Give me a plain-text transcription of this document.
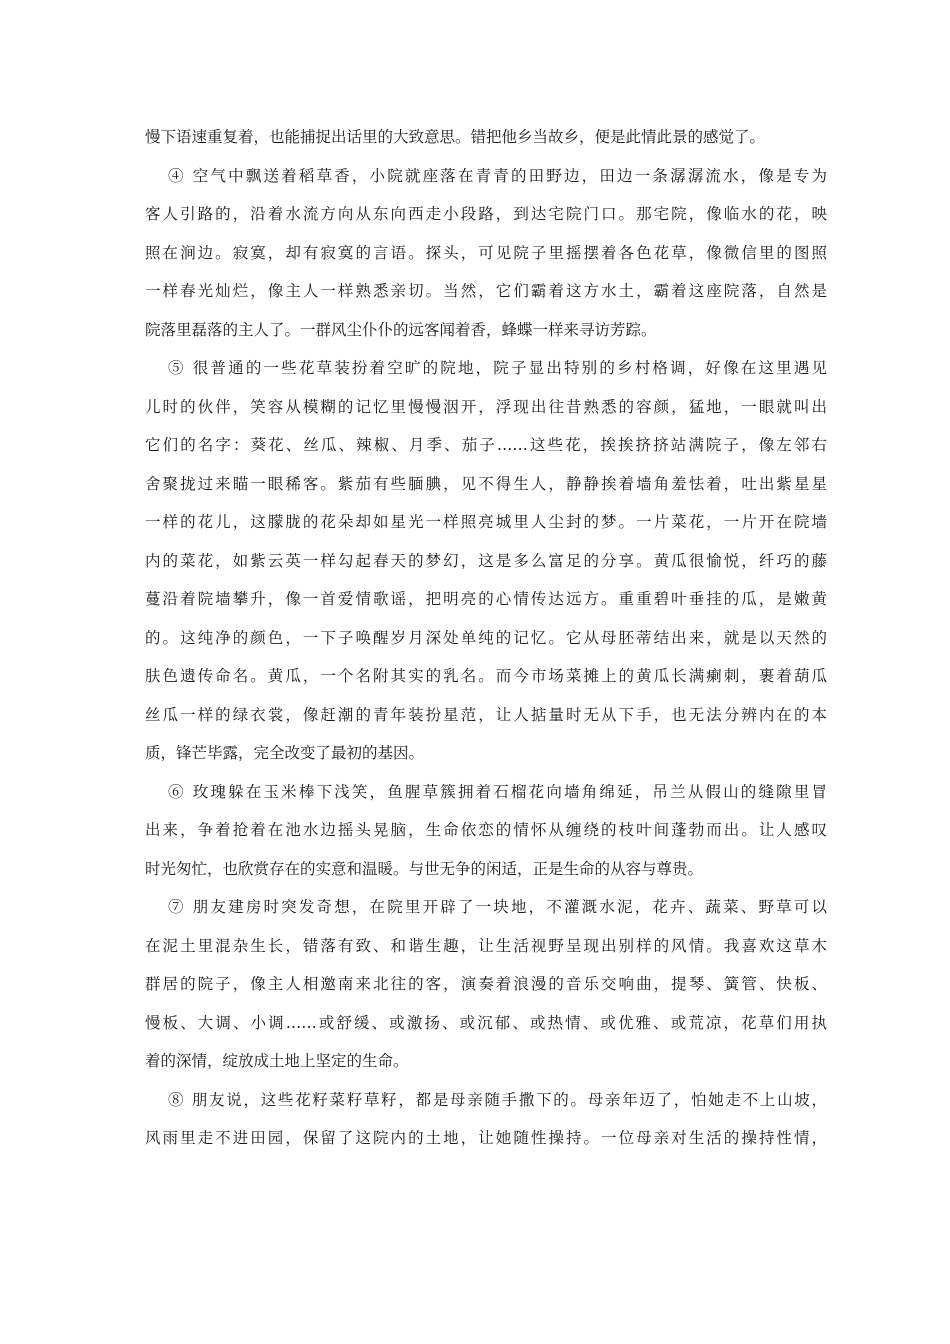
慢下语速重复着，也能捕捉出话里的大致意思。错把他乡当故乡，便是此情此景的感觉了。
④ 空气中飘送着稻草香，小院就座落在青青的田野边，田边一条潺潺流水，像是专为
客人引路的，沿着水流方向从东向西走小段路，到达宅院门口。那宅院，像临水的花，映
照在涧边。寂寞，却有寂寞的言语。探头，可见院子里摇摆着各色花草，像微信里的图照
一样春光灿烂，像主人一样熟悉亲切。当然，它们霸着这方水土，霸着这座院落，自然是
院落里磊落的主人了。一群风尘仆仆的远客闻着香，蜂蝶一样来寻访芳踪。
⑤ 很普通的一些花草装扮着空旷的院地，院子显出特别的乡村格调，好像在这里遇见
儿时的伙伴，笑容从模糊的记忆里慢慢洇开，浮现出往昔熟悉的容颜，猛地，一眼就叫出
它们的名字：葵花、丝瓜、辣椒、月季、茄子……这些花，挨挨挤挤站满院子，像左邻右
舍聚拢过来瞄一眼稀客。紫茄有些腼腆，见不得生人，静静挨着墙角羞怯着，吐出紫星星
一样的花儿，这朦胧的花朵却如星光一样照亮城里人尘封的梦。一片菜花，一片开在院墙
内的菜花，如紫云英一样勾起春天的梦幻，这是多么富足的分享。黄瓜很愉悦，纤巧的藤
蔓沿着院墙攀升，像一首爱情歌谣，把明亮的心情传达远方。重重碧叶垂挂的瓜，是嫩黄
的。这纯净的颜色，一下子唤醒岁月深处单纯的记忆。它从母胚蒂结出来，就是以天然的
肤色遗传命名。黄瓜，一个名附其实的乳名。而今市场菜摊上的黄瓜长满瘌刺，裹着葫瓜
丝瓜一样的绿衣裳，像赶潮的青年装扮星范，让人掂量时无从下手，也无法分辨内在的本
质，锋芒毕露，完全改变了最初的基因。
⑥ 玫瑰躲在玉米棒下浅笑，鱼腥草簇拥着石榴花向墙角绵延，吊兰从假山的缝隙里冒
出来，争着抢着在池水边摇头晃脑，生命依恋的情怀从缠绕的枝叶间蓬勃而出。让人感叹
时光匆忙，也欣赏存在的实意和温暖。与世无争的闲适，正是生命的从容与尊贵。
⑦ 朋友建房时突发奇想，在院里开辟了一块地，不灌溉水泥，花卉、蔬菜、野草可以
在泥土里混杂生长，错落有致、和谐生趣，让生活视野呈现出别样的风情。我喜欢这草木
群居的院子，像主人相邀南来北往的客，演奏着浪漫的音乐交响曲，提琴、簧管、快板、
慢板、大调、小调……或舒缓、或激扬、或沉郁、或热情、或优雅、或荒凉，花草们用执
着的深情，绽放成土地上坚定的生命。
⑧ 朋友说，这些花籽菜籽草籽，都是母亲随手撒下的。母亲年迈了，怕她走不上山坡，
风雨里走不进田园，保留了这院内的土地，让她随性操持。一位母亲对生活的操持性情，
